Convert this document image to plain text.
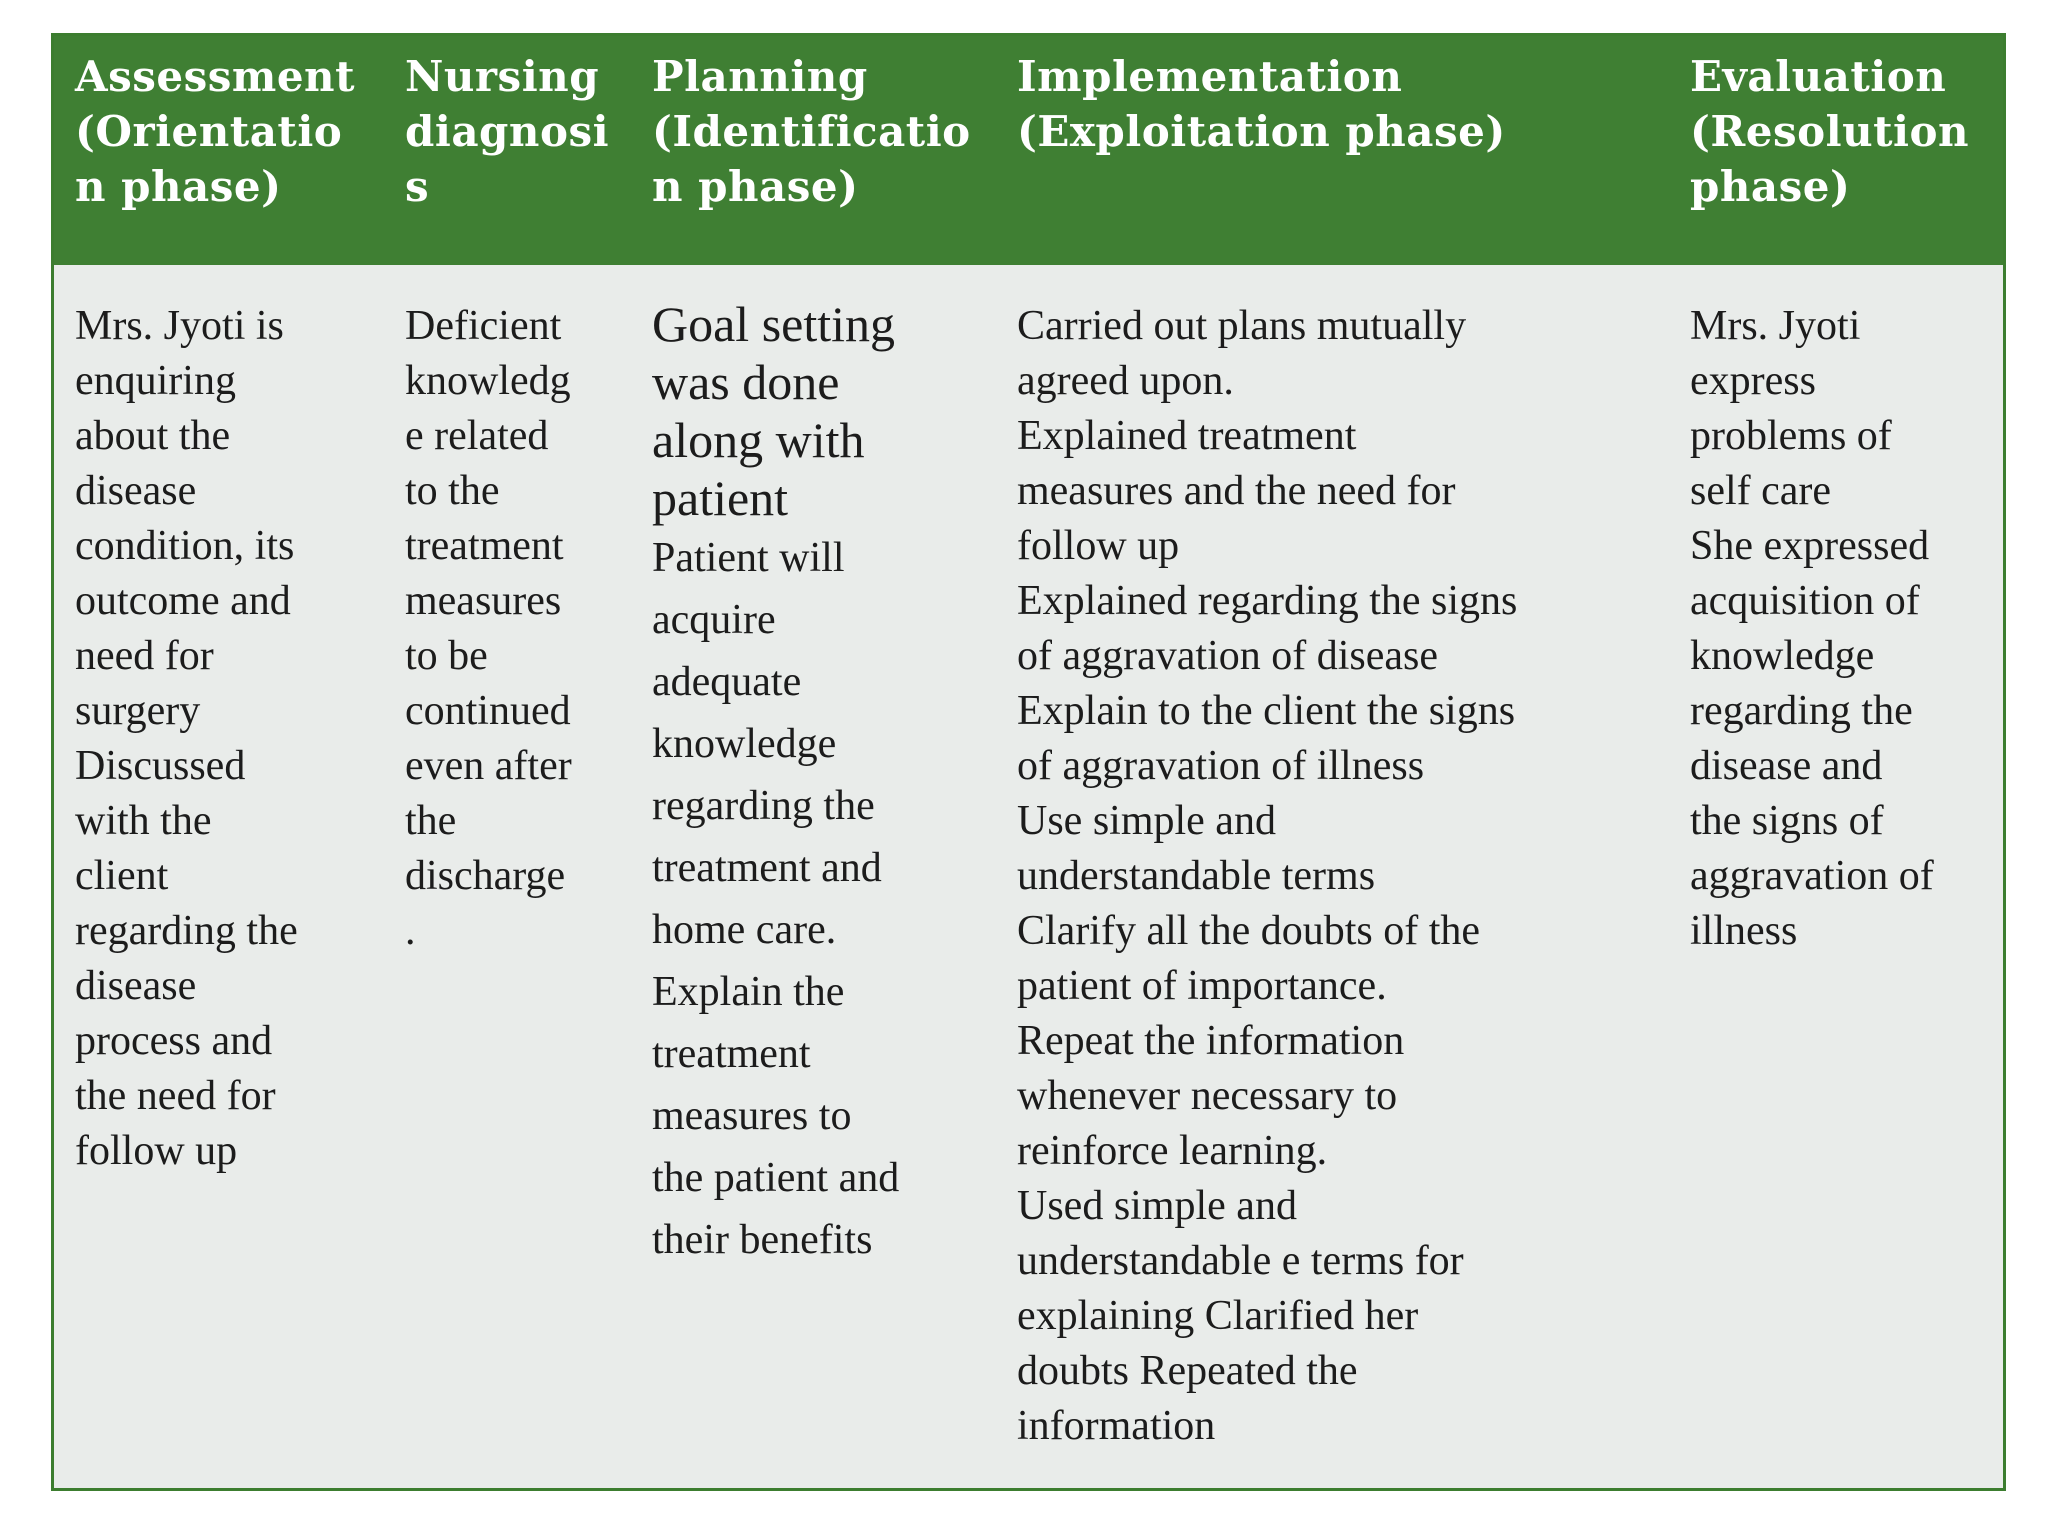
Assessment
(Orientatio
n phase)
Nursing
diagnosi
s
Planning
(Identificatio
n phase)
Implementation
(Exploitation phase)
Evaluation
(Resolution
phase)
Mrs. Jyoti is
enquiring
about the
disease
condition, its
outcome and
need for
surgery
Discussed
with the
client
regarding the
disease
process and
the need for
follow up
Deficient
knowledg
e related
to the
treatment
measures
to be
continued
even after
the
discharge
.
Goal setting
was done
along with
patient
Patient will
acquire
adequate
knowledge
regarding the
treatment and
home care.
Explain the
treatment
measures to
the patient and
their benefits
Carried out plans mutually
agreed upon.
Explained treatment
measures and the need for
follow up
Explained regarding the signs
of aggravation of disease
Explain to the client the signs
of aggravation of illness
Use simple and
understandable terms
Clarify all the doubts of the
patient of importance.
Repeat the information
whenever necessary to
reinforce learning.
Used simple and
understandable e terms for
explaining Clarified her
doubts Repeated the
information
Mrs. Jyoti
express
problems of
self care
She expressed
acquisition of
knowledge
regarding the
disease and
the signs of
aggravation of
illness
